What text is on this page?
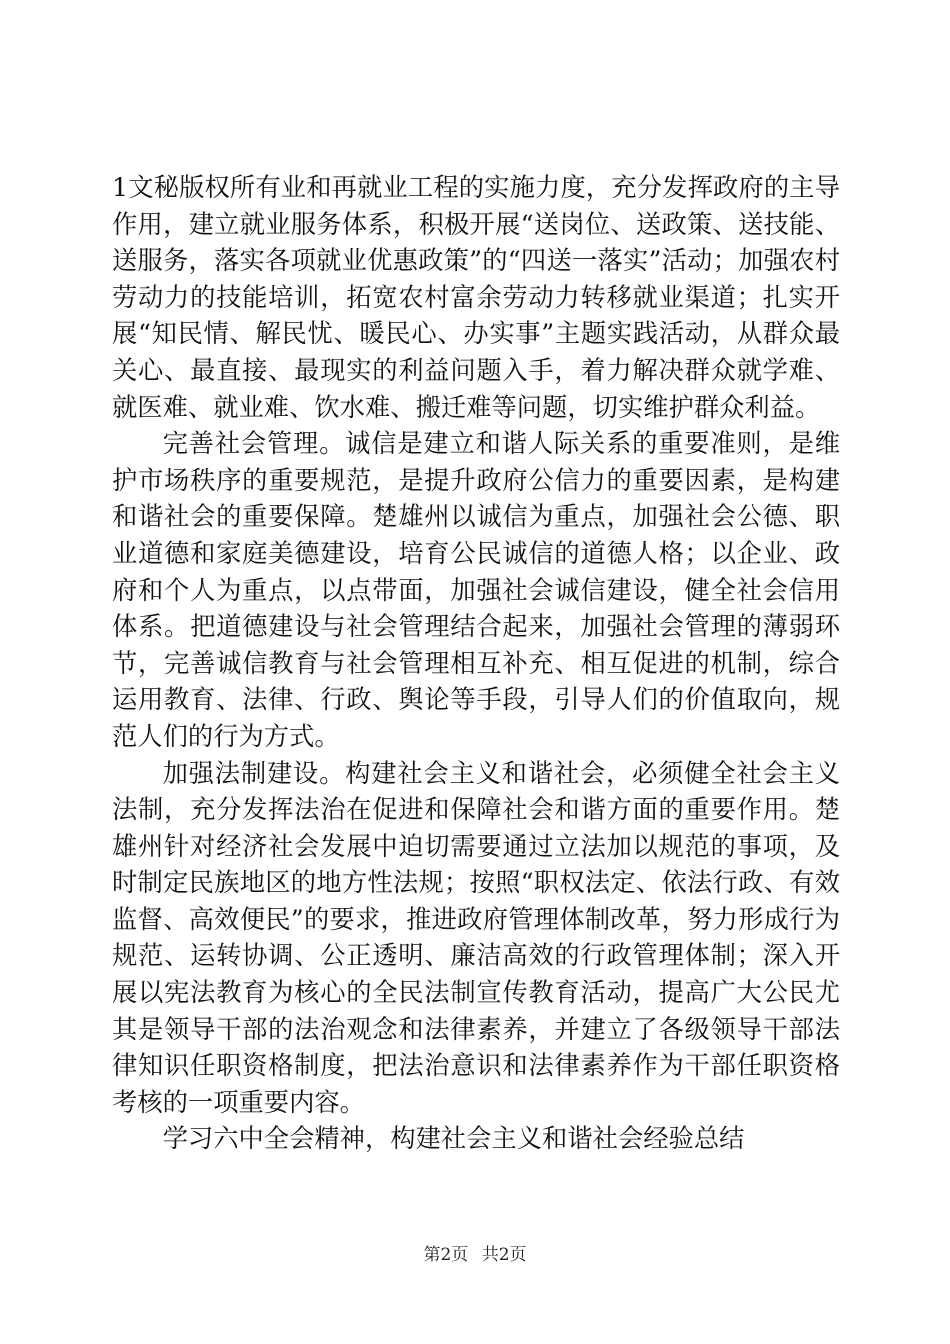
1文秘版权所有业和再就业工程的实施力度，充分发挥政府的主导作用，建立就业服务体系，积极开展“送岗位、送政策、送技能、送服务，落实各项就业优惠政策”的“四送一落实”活动；加强农村劳动力的技能培训，拓宽农村富余劳动力转移就业渠道；扎实开展“知民情、解民忧、暖民心、办实事”主题实践活动，从群众最关心、最直接、最现实的利益问题入手，着力解决群众就学难、就医难、就业难、饮水难、搬迁难等问题，切实维护群众利益。

完善社会管理。诚信是建立和谐人际关系的重要准则，是维护市场秩序的重要规范，是提升政府公信力的重要因素，是构建和谐社会的重要保障。楚雄州以诚信为重点，加强社会公德、职业道德和家庭美德建设，培育公民诚信的道德人格；以企业、政府和个人为重点，以点带面，加强社会诚信建设，健全社会信用体系。把道德建设与社会管理结合起来，加强社会管理的薄弱环节，完善诚信教育与社会管理相互补充、相互促进的机制，综合运用教育、法律、行政、舆论等手段，引导人们的价值取向，规范人们的行为方式。

加强法制建设。构建社会主义和谐社会，必须健全社会主义法制，充分发挥法治在促进和保障社会和谐方面的重要作用。楚雄州针对经济社会发展中迫切需要通过立法加以规范的事项，及时制定民族地区的地方性法规；按照“职权法定、依法行政、有效监督、高效便民”的要求，推进政府管理体制改革，努力形成行为规范、运转协调、公正透明、廉洁高效的行政管理体制；深入开展以宪法教育为核心的全民法制宣传教育活动，提高广大公民尤其是领导干部的法治观念和法律素养，并建立了各级领导干部法律知识任职资格制度，把法治意识和法律素养作为干部任职资格考核的一项重要内容。

学习六中全会精神，构建社会主义和谐社会经验总结

第2页 共2页
